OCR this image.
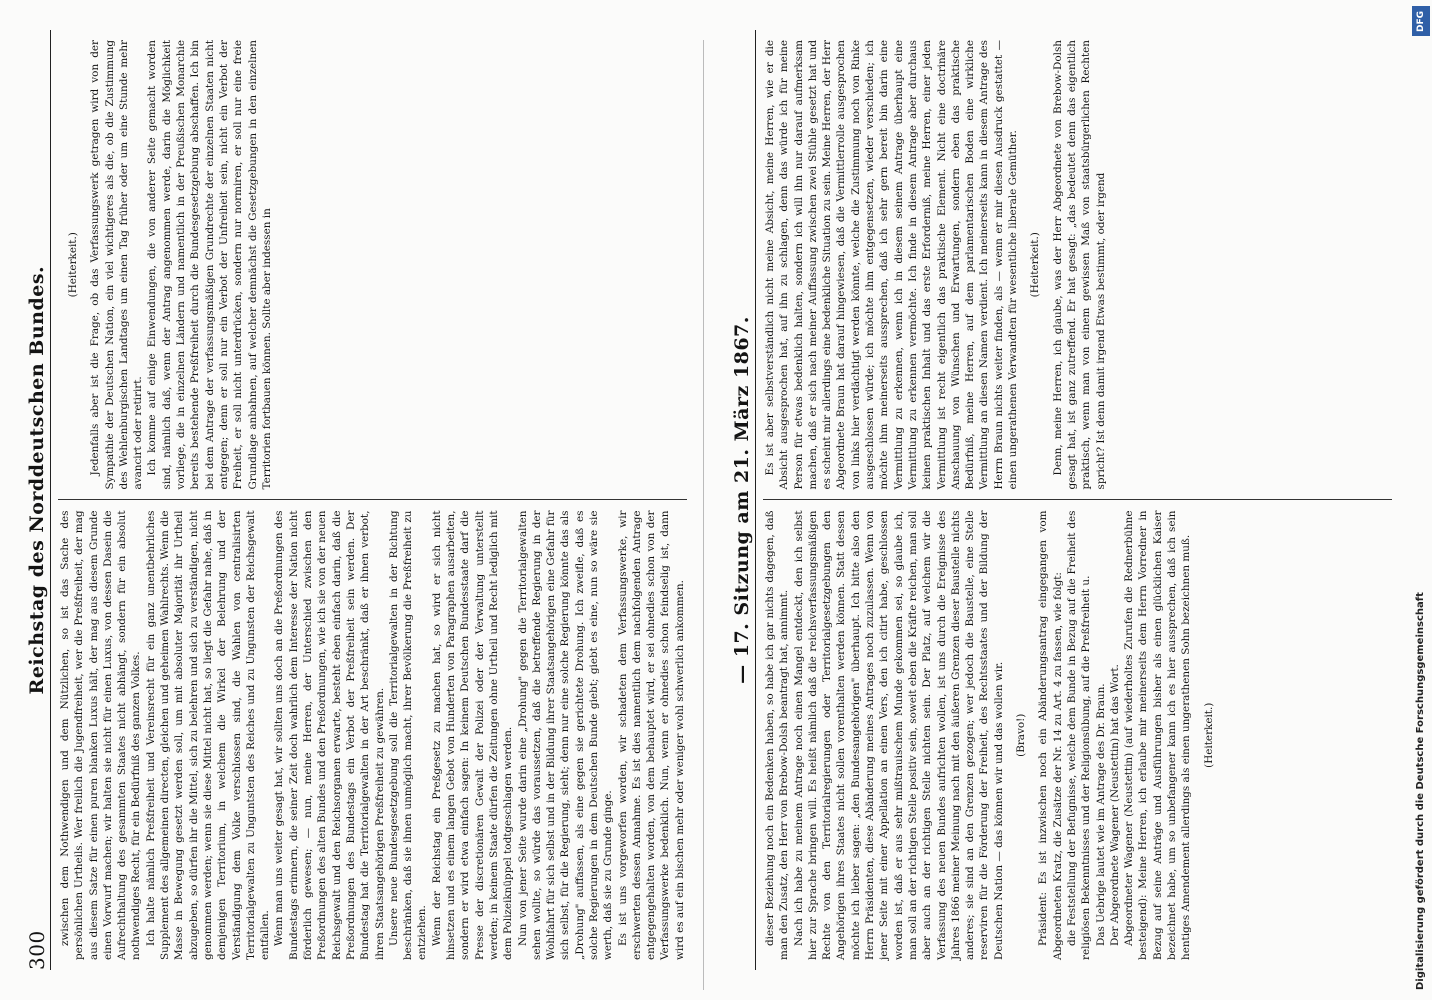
300
Reichstag des Norddeutschen Bundes.

zwischen dem Nothwendigen und dem Nützlichen, so ist das Sache des persönlichen Urtheils. Wer freilich die Jugendfreiheit, wer die Preßfreiheit, der mag aus diesem Satze für einen puren blanken Luxus hält, der mag aus diesem Grunde einen Vorwurf machen; wir halten sie nicht für einen Luxus, von dessen Dasein die Aufrechthaltung des gesammten Staates nicht abhängt, sondern für ein absolut nothwendiges Recht, für ein Bedürfniß des ganzen Volkes. Ich halte nämlich Preßfreiheit und Vereinsrecht für ein ganz unentbehrliches Supplement des allgemeinen directen, gleichen und geheimen Wahlrechts. Wenn die Masse in Bewegung gesetzt werden soll, um mit absoluter Majorität ihr Urtheil abzugeben, so dürfen ihr die Mittel, sich zu belehren und sich zu verständigen, nicht genommen werden; wenn sie diese Mittel nicht hat, so liegt die Gefahr nahe, daß in demjenigen Territorium, in welchem die Wirkel der Belehrung und der Verständigung dem Volke verschlossen sind, die Wahlen von centralisirten Territorialgewalten zu Unguntsten des Reiches und zu Ungunsten der Reichsgewalt entfallen. Wenn man uns weiter gesagt hat, wir sollten uns doch an die Preßordnungen des Bundestags erinnern, die seiner Zeit doch wahrlich dem Interesse der Nation nicht förderlich gewesen; — nun, meine Herren, der Unterschied zwischen den Preßordnungen des alten Bundes und den Preßordnungen, wie ich sie von der neuen Reichsgewalt und den Reichsorganen erwarte, besteht eben einfach darin, daß die Preßordnungen des Bundestags ein Verbot der Preßfreiheit sein werden. Der Bundestag hat die Territorialgewalten in der Art beschränkt, daß er ihnen verbot, ihren Staatsangehörigen Preßfreiheit zu gewähren. Unsere neue Bundesgesetzgebung soll die Territorialgewalten in der Richtung beschränken, daß sie ihnen unmöglich macht, ihrer Bevölkerung die Preßfreiheit zu entziehen. Wenn der Reichstag ein Preßgesetz zu machen hat, so wird er sich nicht hinsetzen und es einem langen Gebot von Hunderten von Paragraphen ausarbeiten, sondern er wird etwa einfach sagen: In keinem Deutschen Bundesstaate darf die Presse der discretionären Gewalt der Polizei oder der Verwaltung unterstellt werden; in keinem Staate dürfen die Zeitungen ohne Urtheil und Recht lediglich mit dem Polizeiknüppel todtgeschlagen werden. Nun von jener Seite wurde darin eine „Drohung" gegen die Territorialgewalten sehen wollte, so würde das voraussetzen, daß die betreffende Regierung in der Wohlfahrt für sich selbst und in der Bildung ihrer Staatsangehörigen eine Gefahr für sich selbst, für die Regierung, sieht; denn nur eine solche Regierung könnte das als „Drohung" auffassen, als eine gegen sie gerichtete Drohung. Ich zweifle, daß es solche Regierungen in dem Deutschen Bunde giebt; giebt es eine, nun so wäre sie werth, daß sie zu Grunde ginge. Es ist uns vorgeworfen worden, wir schadeten dem Verfassungswerke, wir erschwerten dessen Annahme. Es ist dies namentlich dem nachfolgenden Antrage entgegengehalten worden, von dem behauptet wird, er sei ohnedies schon von der Verfassungswerke bedenklich. Nun, wenn er ohnedies schon feindselig ist, dann wird es auf ein bischen mehr oder weniger wohl schwerlich ankommen.

(Heiterkeit.) Jedenfalls aber ist die Frage, ob das Verfassungswerk getragen wird von der Sympathie der Deutschen Nation, ein viel wichtigeres als die, ob die Zustimmung des Wehlenburgischen Landtages um einen Tag früher oder um eine Stunde mehr avancirt oder retirirt. Ich komme auf einige Einwendungen, die von anderer Seite gemacht worden sind, nämlich daß, wenn der Antrag angenommen werde, darin die Möglichkeit vorliege, die in einzelnen Ländern und namentlich in der Preußischen Monarchie bereits bestehende Preßfreiheit durch die Bundesgesetzgebung abschaffen. Ich bin bei dem Antrage der verfassungsmäßigen Grundrechte der einzelnen Staaten nicht entgegen; denn er soll nur ein Verbot der Unfreiheit sein, nicht ein Verbot der Freiheit, er soll nicht unterdrücken, sondern nur normiren, er soll nur eine freie Grundlage anbahnen, auf welcher demnächst die Gesetzgebungen in den einzelnen Territorien fortbauen können. Sollte aber indessen in	— 17. Sitzung am 21. März 1867.

dieser Beziehung noch ein Bedenken haben, so habe ich gar nichts dagegen, daß man den Zusatz, den Herr von Brebow-Dolsh beantragt hat, annimmt. Nach ich habe zu meinem Antrage noch einen Mangel entdeckt, den ich selbst hier zur Sprache bringen will. Es heißt nämlich daß die reichsverfassungsmäßigen Rechte von den Territorialregierungen oder Territorialgesetzgebungen den Angehörigen ihres Staates nicht sollen vorenthalten werden können. Statt dessen möchte ich lieber sagen: „den Bundesangehörigen" überhaupt. Ich bitte also den Herrn Präsidenten, diese Abänderung meines Antrages noch zuzulassen. Wenn von jener Seite mit einer Appellation an einen Vers, den ich citirt habe, geschlossen worden ist, daß er aus sehr mißtrauischem Munde gekommen sei, so glaube ich, man soll an der richtigen Stelle positiv sein, soweit eben die Kräfte reichen, man soll aber auch an der richtigen Stelle nichten sein. Der Platz, auf welchem wir die Verfassung des neuen Bundes aufrichten wollen, ist uns durch die Ereignisse des Jahres 1866 meiner Meinung nach mit den äußeren Grenzen dieser Baustelle nichts anderes; sie sind an den Grenzen gezogen; wer jedoch die Baustelle, eine Stelle reserviren für die Förderung der Freiheit, des Rechtsstaates und der Bildung der Deutschen Nation — das können wir und das wollen wir. (Bravo!) Präsident: Es ist inzwischen noch ein Abänderungsantrag eingegangen vom Abgeordneten Kratz, die Zusätze der Nr. 14 zu Art. 4 zu fassen, wie folgt: die Feststellung der Befugnisse, welche dem Bunde in Bezug auf die Freiheit des religiösen Bekenntnisses und der Religionsübung, auf die Preßfreiheit u. Das Uebrige lautet wie im Antrage des Dr. Braun. Der Abgeordnete Wagener (Neustettin) hat das Wort. Abgeordneter Wagener (Neustettin) (auf wiederholtes Zurufen die Rednerbühne besteigend): Meine Herren, ich erlaube mir meinerseits dem Herrn Vorredner in Bezug auf seine Anträge und Ausführungen bisher als einen glücklichen Kaiser bezeichnet habe, um so unbefangener kann ich es hier aussprechen, daß ich sein hentiges Amendement allerdings als einen ungerathenen Sohn bezeichnen muß. (Heiterkeit.)

Es ist aber selbstverständlich nicht meine Absicht, meine Herren, wie er die Absicht ausgesprochen hat, auf ihn zu schlagen, denn das würde ich für meine Person für etwas bedenklich halten, sondern ich will ihn nur darauf aufmerksam machen, daß er sich nach meiner Auffassung zwischen zwei Stühle gesetzt hat und es scheint mir allerdings eine bedenkliche Situation zu sein. Meine Herren, der Herr Abgeordnete Braun hat darauf hingewiesen, daß die Vermittlerrolle ausgesprochen von links hier verdächtigt werden könnte, welche die Zustimmung noch von Rinke ausgeschlossen würde; ich möchte ihm entgegensetzen, wieder verschieden; ich möchte ihm meinerseits aussprechen, daß ich sehr gern bereit bin darin eine Vermittlung zu erkennen, wenn ich in diesem seinem Antrage überhaupt eine Vermittlung zu erkennen vermöchte. Ich finde in diesem Antrage aber durchaus keinen praktischen Inhalt und das erste Erforderniß, meine Herren, einer jeden Vermittlung ist recht eigentlich das praktische Element. Nicht eine doctrinäre Anschauung von Wünschen und Erwartungen, sondern eben das praktische Bedürfniß, meine Herren, auf dem parlamentarischen Boden eine wirkliche Vermittlung an diesen Namen verdient. Ich meinerseits kann in diesem Antrage des Herrn Braun nichts weiter finden, als — wenn er mir diesen Ausdruck gestattet — einen ungerathenen Verwandten für wesentliche liberale Gemüther. (Heiterkeit.) Denn, meine Herren, ich glaube, was der Herr Abgeordnete von Brebow-Dolsh gesagt hat, ist ganz zutreffend. Er hat gesagt: „das bedeutet denn das eigentlich praktisch, wenn man von einem gewissen Maß von staatsbürgerlichen Rechten spricht? Ist denn damit irgend Etwas bestimmt, oder irgend

Digitalisierung gefördert durch die Deutsche Forschungsgemeinschaft
DFG
